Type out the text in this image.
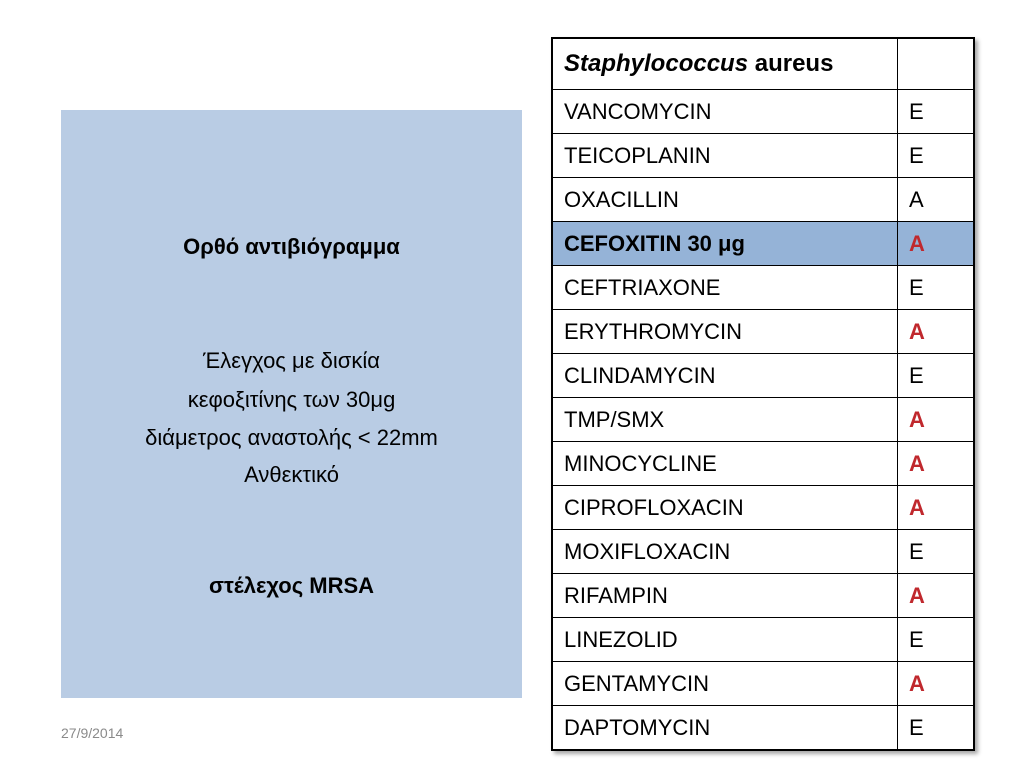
Ορθό αντιβιόγραμμα
Έλεγχος με δισκία
κεφοξιτίνης των 30μg
διάμετρος αναστολής < 22mm
Ανθεκτικό
στέλεχος MRSA
27/9/2014
Staphylococcus aureus	
VANCOMYCIN	E
TEICOPLANIN	E
OXACILLIN	A
CEFOXITIN 30 μg	A
CEFTRIAXONE	E
ERYTHROMYCIN	A
CLINDAMYCIN	E
TMP/SMX	A
MINOCYCLINE	A
CIPROFLOXACIN	A
MOXIFLOXACIN	E
RIFAMPIN	A
LINEZOLID	E
GENTAMYCIN	A
DAPTOMYCIN	E
